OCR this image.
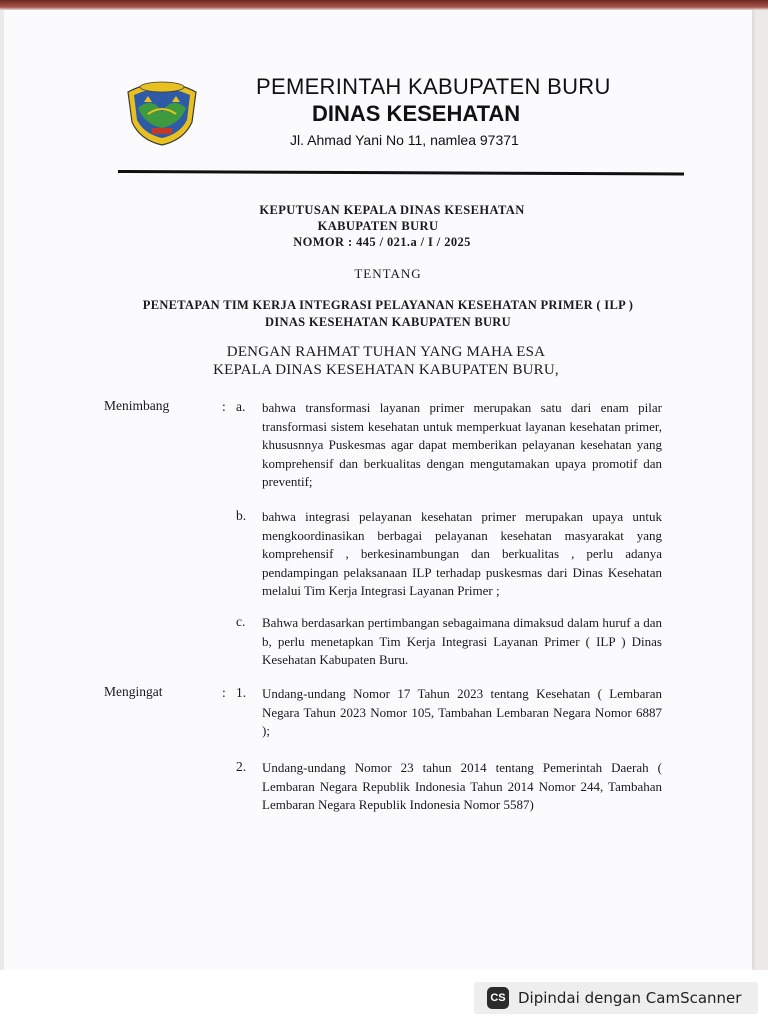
PEMERINTAH KABUPATEN BURU
DINAS KESEHATAN
Jl. Ahmad Yani No 11, namlea 97371
KEPUTUSAN KEPALA DINAS KESEHATAN
KABUPATEN BURU
NOMOR : 445 / 021.a / I / 2025
TENTANG
PENETAPAN TIM KERJA INTEGRASI PELAYANAN KESEHATAN PRIMER ( ILP )
DINAS KESEHATAN KABUPATEN BURU
DENGAN RAHMAT TUHAN YANG MAHA ESA
KEPALA DINAS KESEHATAN KABUPATEN BURU,
Menimbang	: a. bahwa transformasi layanan primer merupakan satu dari enam pilar transformasi sistem kesehatan untuk memperkuat layanan kesehatan primer, khususnnya Puskesmas agar dapat memberikan pelayanan kesehatan yang komprehensif dan berkualitas dengan mengutamakan upaya promotif dan preventif;
b. bahwa integrasi pelayanan kesehatan primer merupakan upaya untuk mengkoordinasikan berbagai pelayanan kesehatan masyarakat yang komprehensif , berkesinambungan dan berkualitas , perlu adanya pendampingan pelaksanaan ILP terhadap puskesmas dari Dinas Kesehatan melalui Tim Kerja Integrasi Layanan Primer ;
c. Bahwa berdasarkan pertimbangan sebagaimana dimaksud dalam huruf a dan b, perlu menetapkan Tim Kerja Integrasi Layanan Primer ( ILP ) Dinas Kesehatan Kabupaten Buru.
Mengingat	: 1. Undang-undang Nomor 17 Tahun 2023 tentang Kesehatan ( Lembaran Negara Tahun 2023 Nomor 105, Tambahan Lembaran Negara Nomor 6887 );
2. Undang-undang Nomor 23 tahun 2014 tentang Pemerintah Daerah ( Lembaran Negara Republik Indonesia Tahun 2014 Nomor 244, Tambahan Lembaran Negara Republik Indonesia Nomor 5587)
CS Dipindai dengan CamScanner
